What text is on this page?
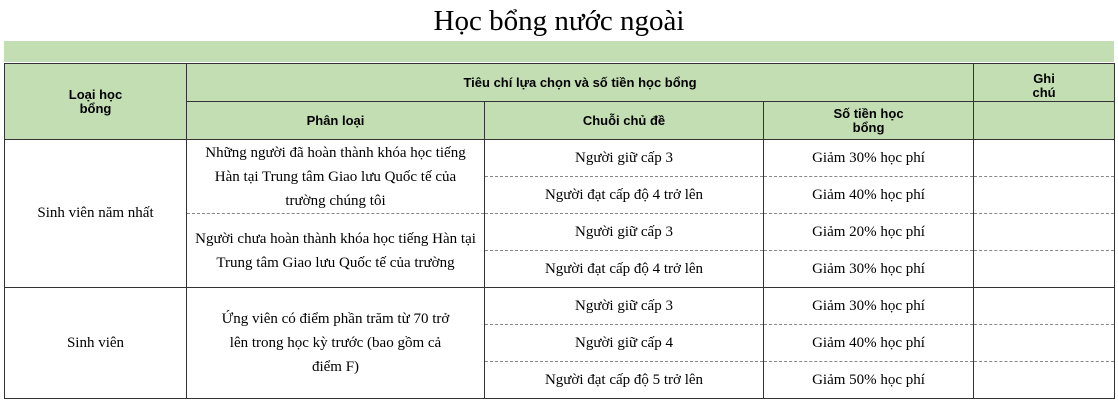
Học bổng nước ngoài
Loại học bổng	Tiêu chí lựa chọn và số tiền học bổng			Ghi chú

	Phân loại	Chuỗi chủ đề	Số tiền học bổng	

Sinh viên năm nhất	Những người đã hoàn thành khóa học tiếng Hàn tại Trung tâm Giao lưu Quốc tế của trường chúng tôi	Người giữ cấp 3	Giảm 30% học phí	
		Người đạt cấp độ 4 trở lên	Giảm 40% học phí	
	Người chưa hoàn thành khóa học tiếng Hàn tại Trung tâm Giao lưu Quốc tế của trường	Người giữ cấp 3	Giảm 20% học phí	
		Người đạt cấp độ 4 trở lên	Giảm 30% học phí	
Sinh viên	Ứng viên có điểm phần trăm từ 70 trở lên trong học kỳ trước (bao gồm cả điểm F)	Người giữ cấp 3	Giảm 30% học phí	
		Người giữ cấp 4	Giảm 40% học phí	
		Người đạt cấp độ 5 trở lên	Giảm 50% học phí	
